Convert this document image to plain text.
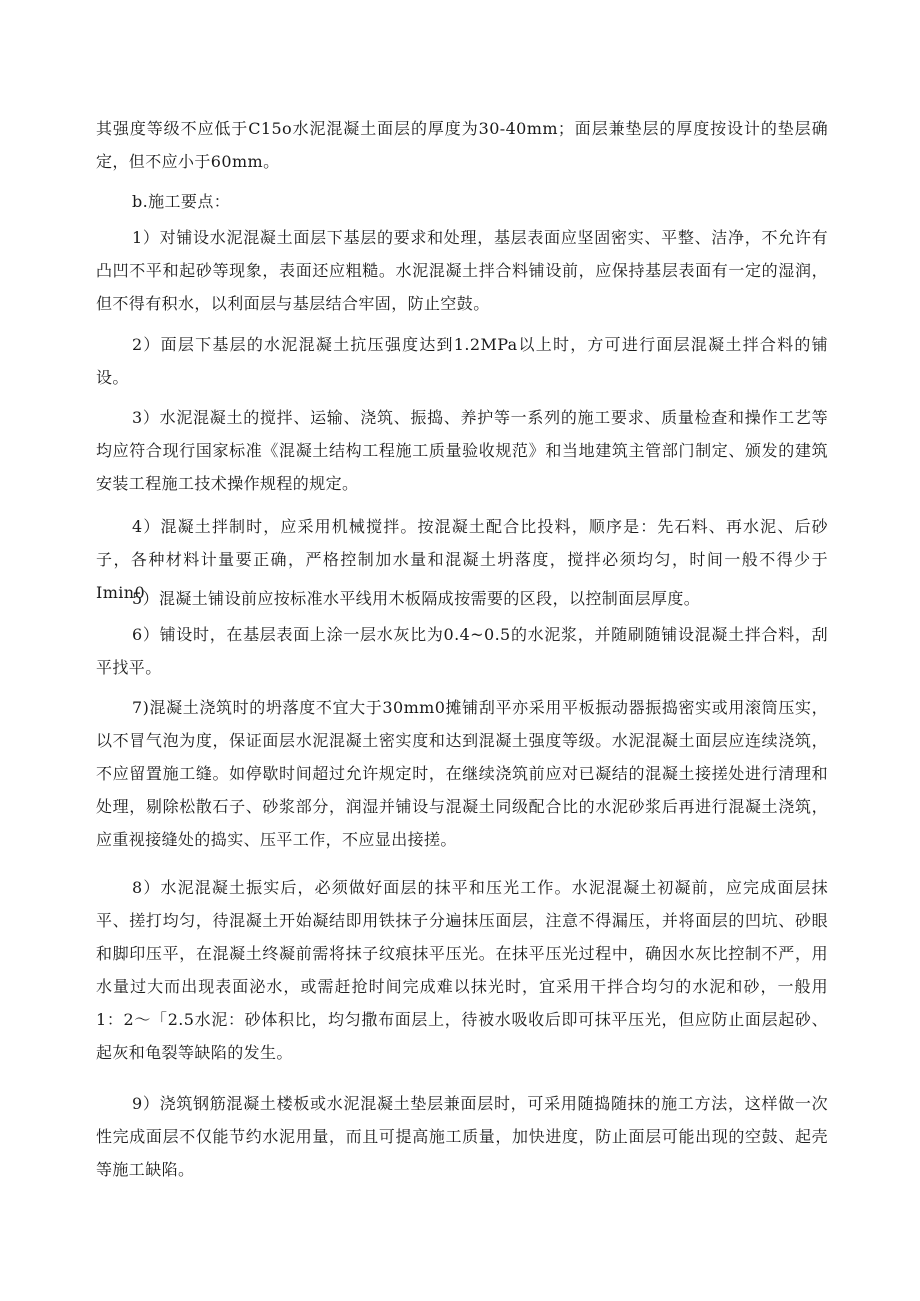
其强度等级不应低于C15o水泥混凝土面层的厚度为30-40mm；面层兼垫层的厚度按设计的垫层确定，但不应小于60mm。

b.施工要点：

1）对铺设水泥混凝土面层下基层的要求和处理，基层表面应坚固密实、平整、洁净，不允许有凸凹不平和起砂等现象，表面还应粗糙。水泥混凝土拌合料铺设前，应保持基层表面有一定的湿润，但不得有积水，以利面层与基层结合牢固，防止空鼓。

2）面层下基层的水泥混凝土抗压强度达到1.2MPa以上时，方可进行面层混凝土拌合料的铺设。

3）水泥混凝土的搅拌、运输、浇筑、振捣、养护等一系列的施工要求、质量检查和操作工艺等均应符合现行国家标准《混凝土结构工程施工质量验收规范》和当地建筑主管部门制定、颁发的建筑安装工程施工技术操作规程的规定。

4）混凝土拌制时，应采用机械搅拌。按混凝土配合比投料，顺序是：先石料、再水泥、后砂子，各种材料计量要正确，严格控制加水量和混凝土坍落度，搅拌必须均匀，时间一般不得少于Imin0

5）混凝土铺设前应按标准水平线用木板隔成按需要的区段，以控制面层厚度。

6）铺设时，在基层表面上涂一层水灰比为0.4~0.5的水泥浆，并随刷随铺设混凝土拌合料，刮平找平。

7)混凝土浇筑时的坍落度不宜大于30mm0摊铺刮平亦采用平板振动器振捣密实或用滚筒压实，以不冒气泡为度，保证面层水泥混凝土密实度和达到混凝土强度等级。水泥混凝土面层应连续浇筑，不应留置施工缝。如停歇时间超过允许规定时，在继续浇筑前应对已凝结的混凝土接搓处进行清理和处理，剔除松散石子、砂浆部分，润湿并铺设与混凝土同级配合比的水泥砂浆后再进行混凝土浇筑，应重视接缝处的捣实、压平工作，不应显出接搓。

8）水泥混凝土振实后，必须做好面层的抹平和压光工作。水泥混凝土初凝前，应完成面层抹平、搓打均匀，待混凝土开始凝结即用铁抹子分遍抹压面层，注意不得漏压，并将面层的凹坑、砂眼和脚印压平，在混凝土终凝前需将抹子纹痕抹平压光。在抹平压光过程中，确因水灰比控制不严，用水量过大而出现表面泌水，或需赶抢时间完成难以抹光时，宜采用干拌合均匀的水泥和砂，一般用1：2～「2.5水泥：砂体积比，均匀撒布面层上，待被水吸收后即可抹平压光，但应防止面层起砂、起灰和龟裂等缺陷的发生。

9）浇筑钢筋混凝土楼板或水泥混凝土垫层兼面层时，可采用随捣随抹的施工方法，这样做一次性完成面层不仅能节约水泥用量，而且可提高施工质量，加快进度，防止面层可能出现的空鼓、起壳等施工缺陷。
